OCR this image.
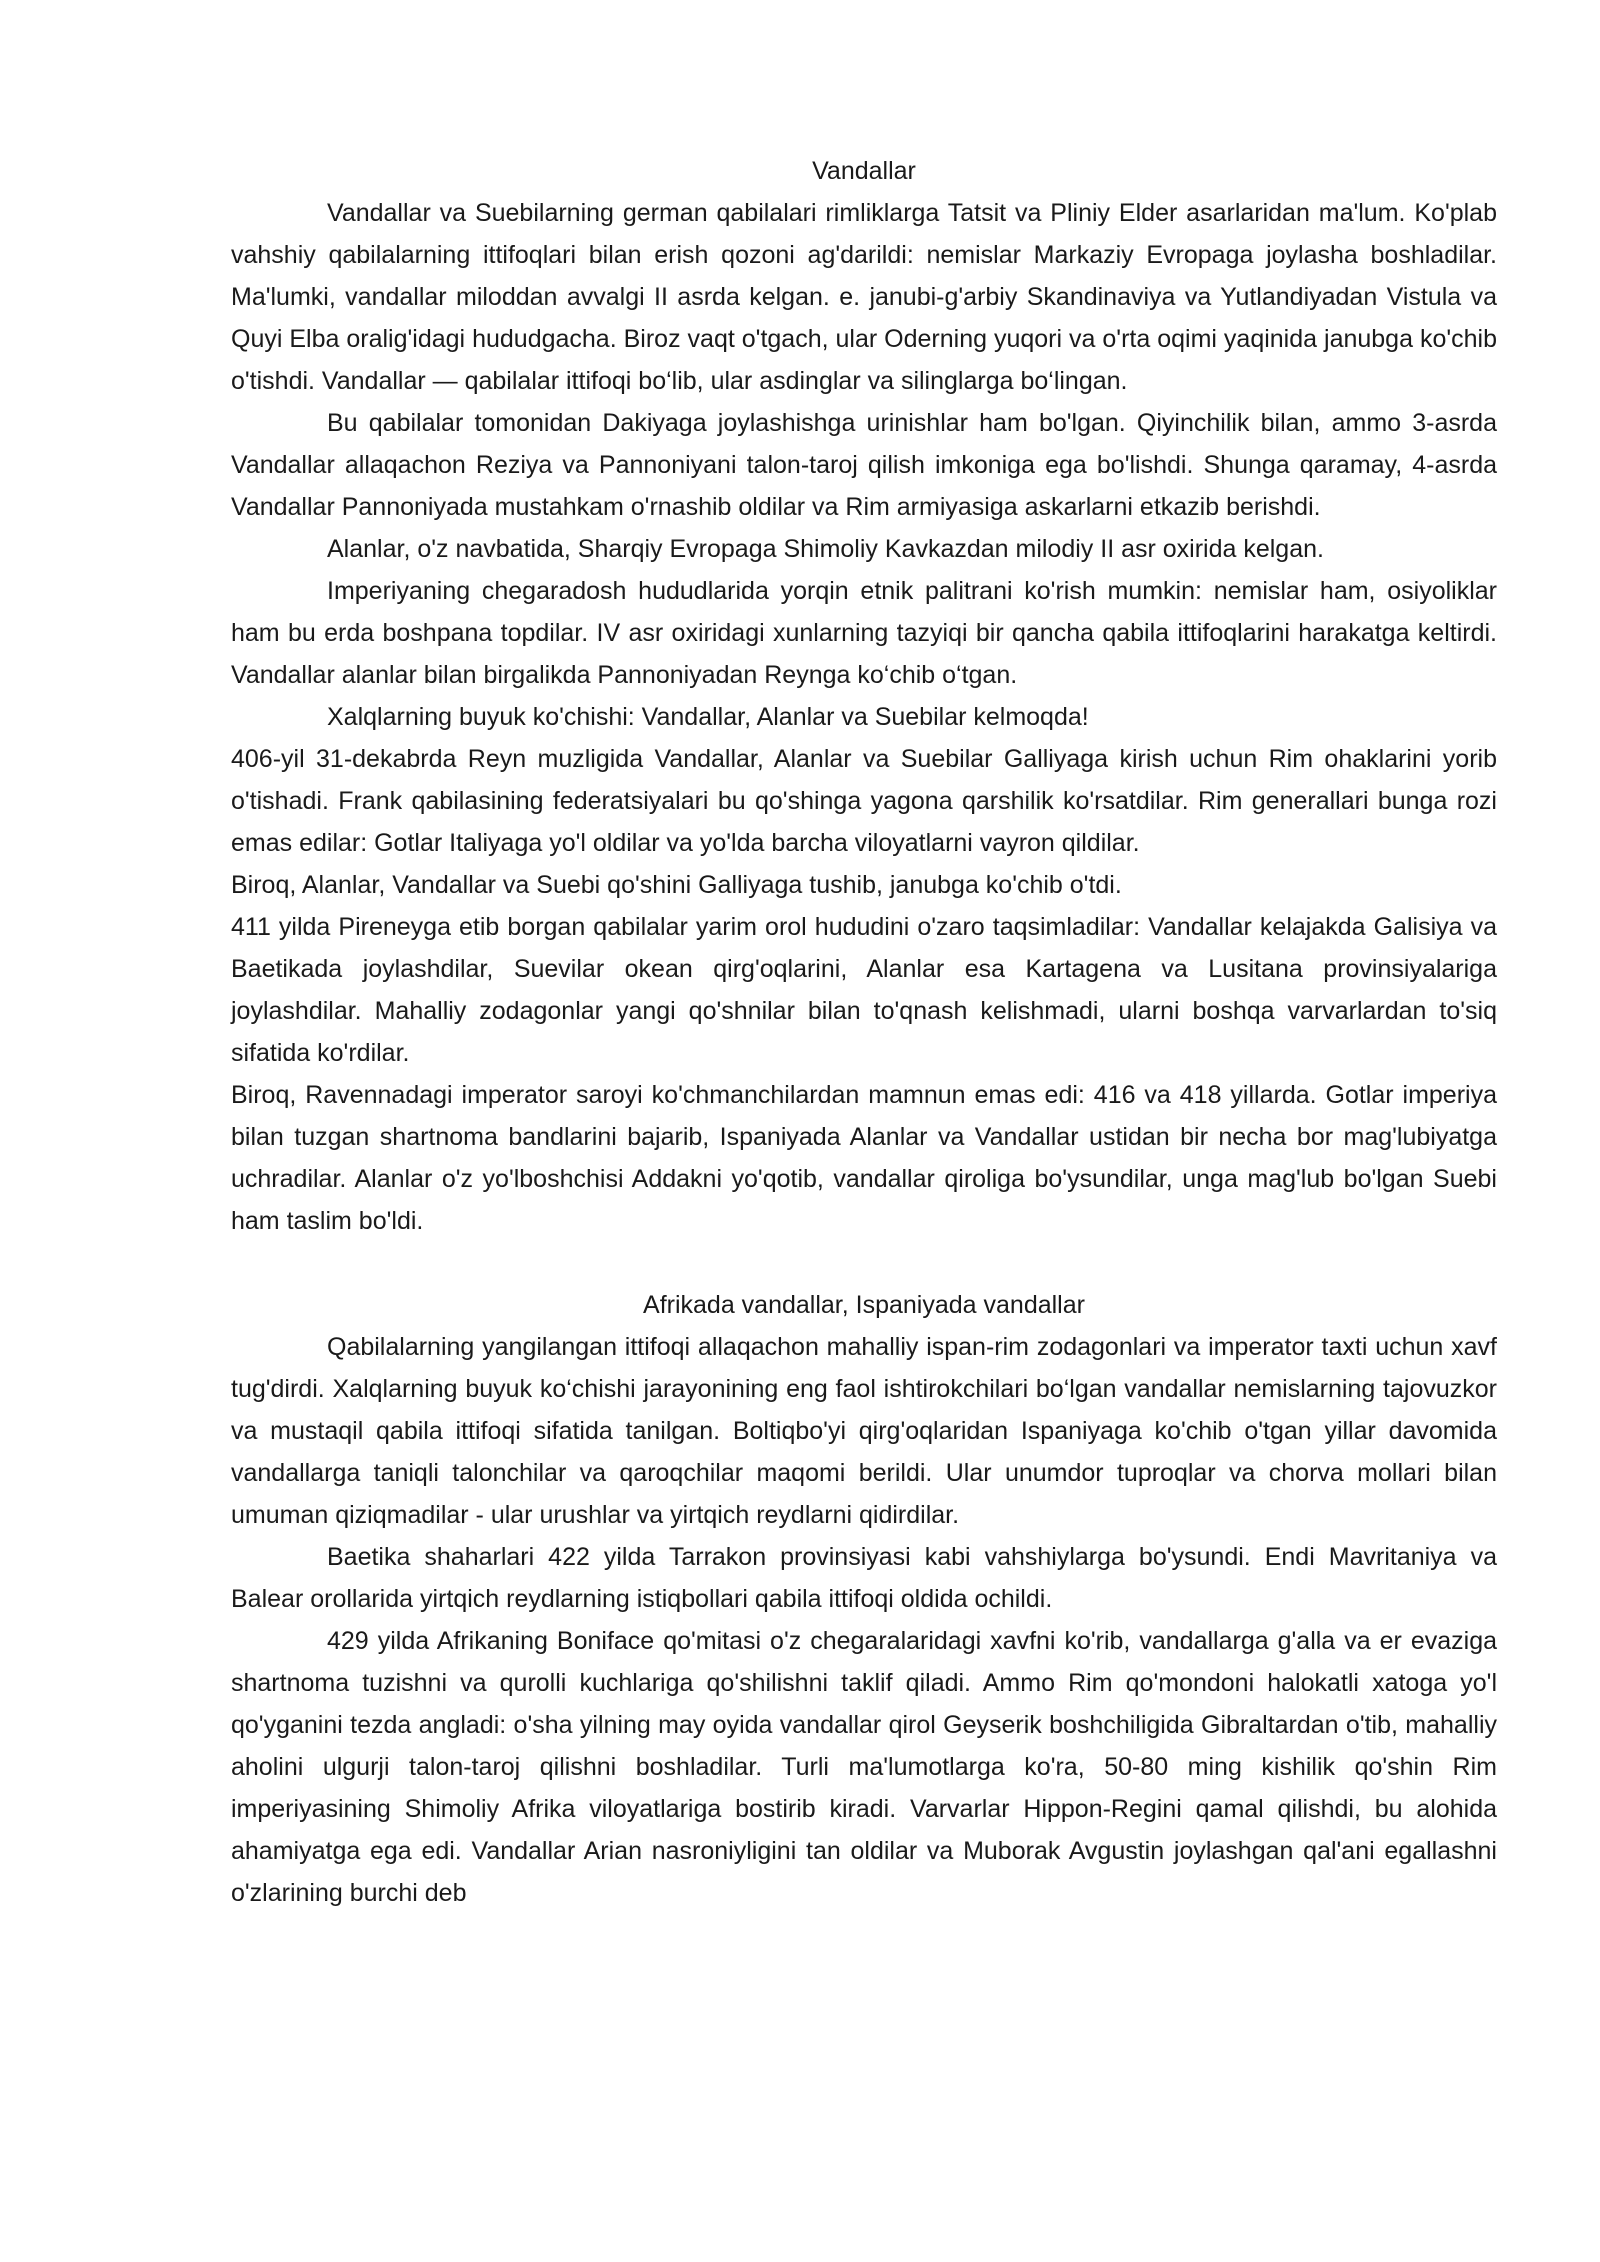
Vandallar

Vandallar va Suebilarning german qabilalari rimliklarga Tatsit va Pliniy Elder asarlaridan ma'lum. Ko'plab vahshiy qabilalarning ittifoqlari bilan erish qozoni ag'darildi: nemislar Markaziy Evropaga joylasha boshladilar. Ma'lumki, vandallar miloddan avvalgi II asrda kelgan. e. janubi-g'arbiy Skandinaviya va Yutlandiyadan Vistula va Quyi Elba oralig'idagi hududgacha. Biroz vaqt o'tgach, ular Oderning yuqori va o'rta oqimi yaqinida janubga ko'chib o'tishdi. Vandallar — qabilalar ittifoqi bo‘lib, ular asdinglar va silinglarga bo‘lingan.

Bu qabilalar tomonidan Dakiyaga joylashishga urinishlar ham bo'lgan. Qiyinchilik bilan, ammo 3-asrda Vandallar allaqachon Reziya va Pannoniyani talon-taroj qilish imkoniga ega bo'lishdi. Shunga qaramay, 4-asrda Vandallar Pannoniyada mustahkam o'rnashib oldilar va Rim armiyasiga askarlarni etkazib berishdi.

Alanlar, o'z navbatida, Sharqiy Evropaga Shimoliy Kavkazdan milodiy II asr oxirida kelgan.

Imperiyaning chegaradosh hududlarida yorqin etnik palitrani ko'rish mumkin: nemislar ham, osiyoliklar ham bu erda boshpana topdilar. IV asr oxiridagi xunlarning tazyiqi bir qancha qabila ittifoqlarini harakatga keltirdi. Vandallar alanlar bilan birgalikda Pannoniyadan Reynga ko‘chib o‘tgan.

Xalqlarning buyuk ko'chishi: Vandallar, Alanlar va Suebilar kelmoqda!

406-yil 31-dekabrda Reyn muzligida Vandallar, Alanlar va Suebilar Galliyaga kirish uchun Rim ohaklarini yorib o'tishadi. Frank qabilasining federatsiyalari bu qo'shinga yagona qarshilik ko'rsatdilar. Rim generallari bunga rozi emas edilar: Gotlar Italiyaga yo'l oldilar va yo'lda barcha viloyatlarni vayron qildilar.

Biroq, Alanlar, Vandallar va Suebi qo'shini Galliyaga tushib, janubga ko'chib o'tdi.

411 yilda Pireneyga etib borgan qabilalar yarim orol hududini o'zaro taqsimladilar: Vandallar kelajakda Galisiya va Baetikada joylashdilar, Suevilar okean qirg'oqlarini, Alanlar esa Kartagena va Lusitana provinsiyalariga joylashdilar. Mahalliy zodagonlar yangi qo'shnilar bilan to'qnash kelishmadi, ularni boshqa varvarlardan to'siq sifatida ko'rdilar.

Biroq, Ravennadagi imperator saroyi ko'chmanchilardan mamnun emas edi: 416 va 418 yillarda. Gotlar imperiya bilan tuzgan shartnoma bandlarini bajarib, Ispaniyada Alanlar va Vandallar ustidan bir necha bor mag'lubiyatga uchradilar. Alanlar o'z yo'lboshchisi Addakni yo'qotib, vandallar qiroliga bo'ysundilar, unga mag'lub bo'lgan Suebi ham taslim bo'ldi.

Afrikada vandallar, Ispaniyada vandallar

Qabilalarning yangilangan ittifoqi allaqachon mahalliy ispan-rim zodagonlari va imperator taxti uchun xavf tug'dirdi. Xalqlarning buyuk ko‘chishi jarayonining eng faol ishtirokchilari bo‘lgan vandallar nemislarning tajovuzkor va mustaqil qabila ittifoqi sifatida tanilgan. Boltiqbo'yi qirg'oqlaridan Ispaniyaga ko'chib o'tgan yillar davomida vandallarga taniqli talonchilar va qaroqchilar maqomi berildi. Ular unumdor tuproqlar va chorva mollari bilan umuman qiziqmadilar - ular urushlar va yirtqich reydlarni qidirdilar.

Baetika shaharlari 422 yilda Tarrakon provinsiyasi kabi vahshiylarga bo'ysundi. Endi Mavritaniya va Balear orollarida yirtqich reydlarning istiqbollari qabila ittifoqi oldida ochildi.

429 yilda Afrikaning Boniface qo'mitasi o'z chegaralaridagi xavfni ko'rib, vandallarga g'alla va er evaziga shartnoma tuzishni va qurolli kuchlariga qo'shilishni taklif qiladi. Ammo Rim qo'mondoni halokatli xatoga yo'l qo'yganini tezda angladi: o'sha yilning may oyida vandallar qirol Geyserik boshchiligida Gibraltardan o'tib, mahalliy aholini ulgurji talon-taroj qilishni boshladilar. Turli ma'lumotlarga ko'ra, 50-80 ming kishilik qo'shin Rim imperiyasining Shimoliy Afrika viloyatlariga bostirib kiradi. Varvarlar Hippon-Regini qamal qilishdi, bu alohida ahamiyatga ega edi. Vandallar Arian nasroniyligini tan oldilar va Muborak Avgustin joylashgan qal'ani egallashni o'zlarining burchi deb
